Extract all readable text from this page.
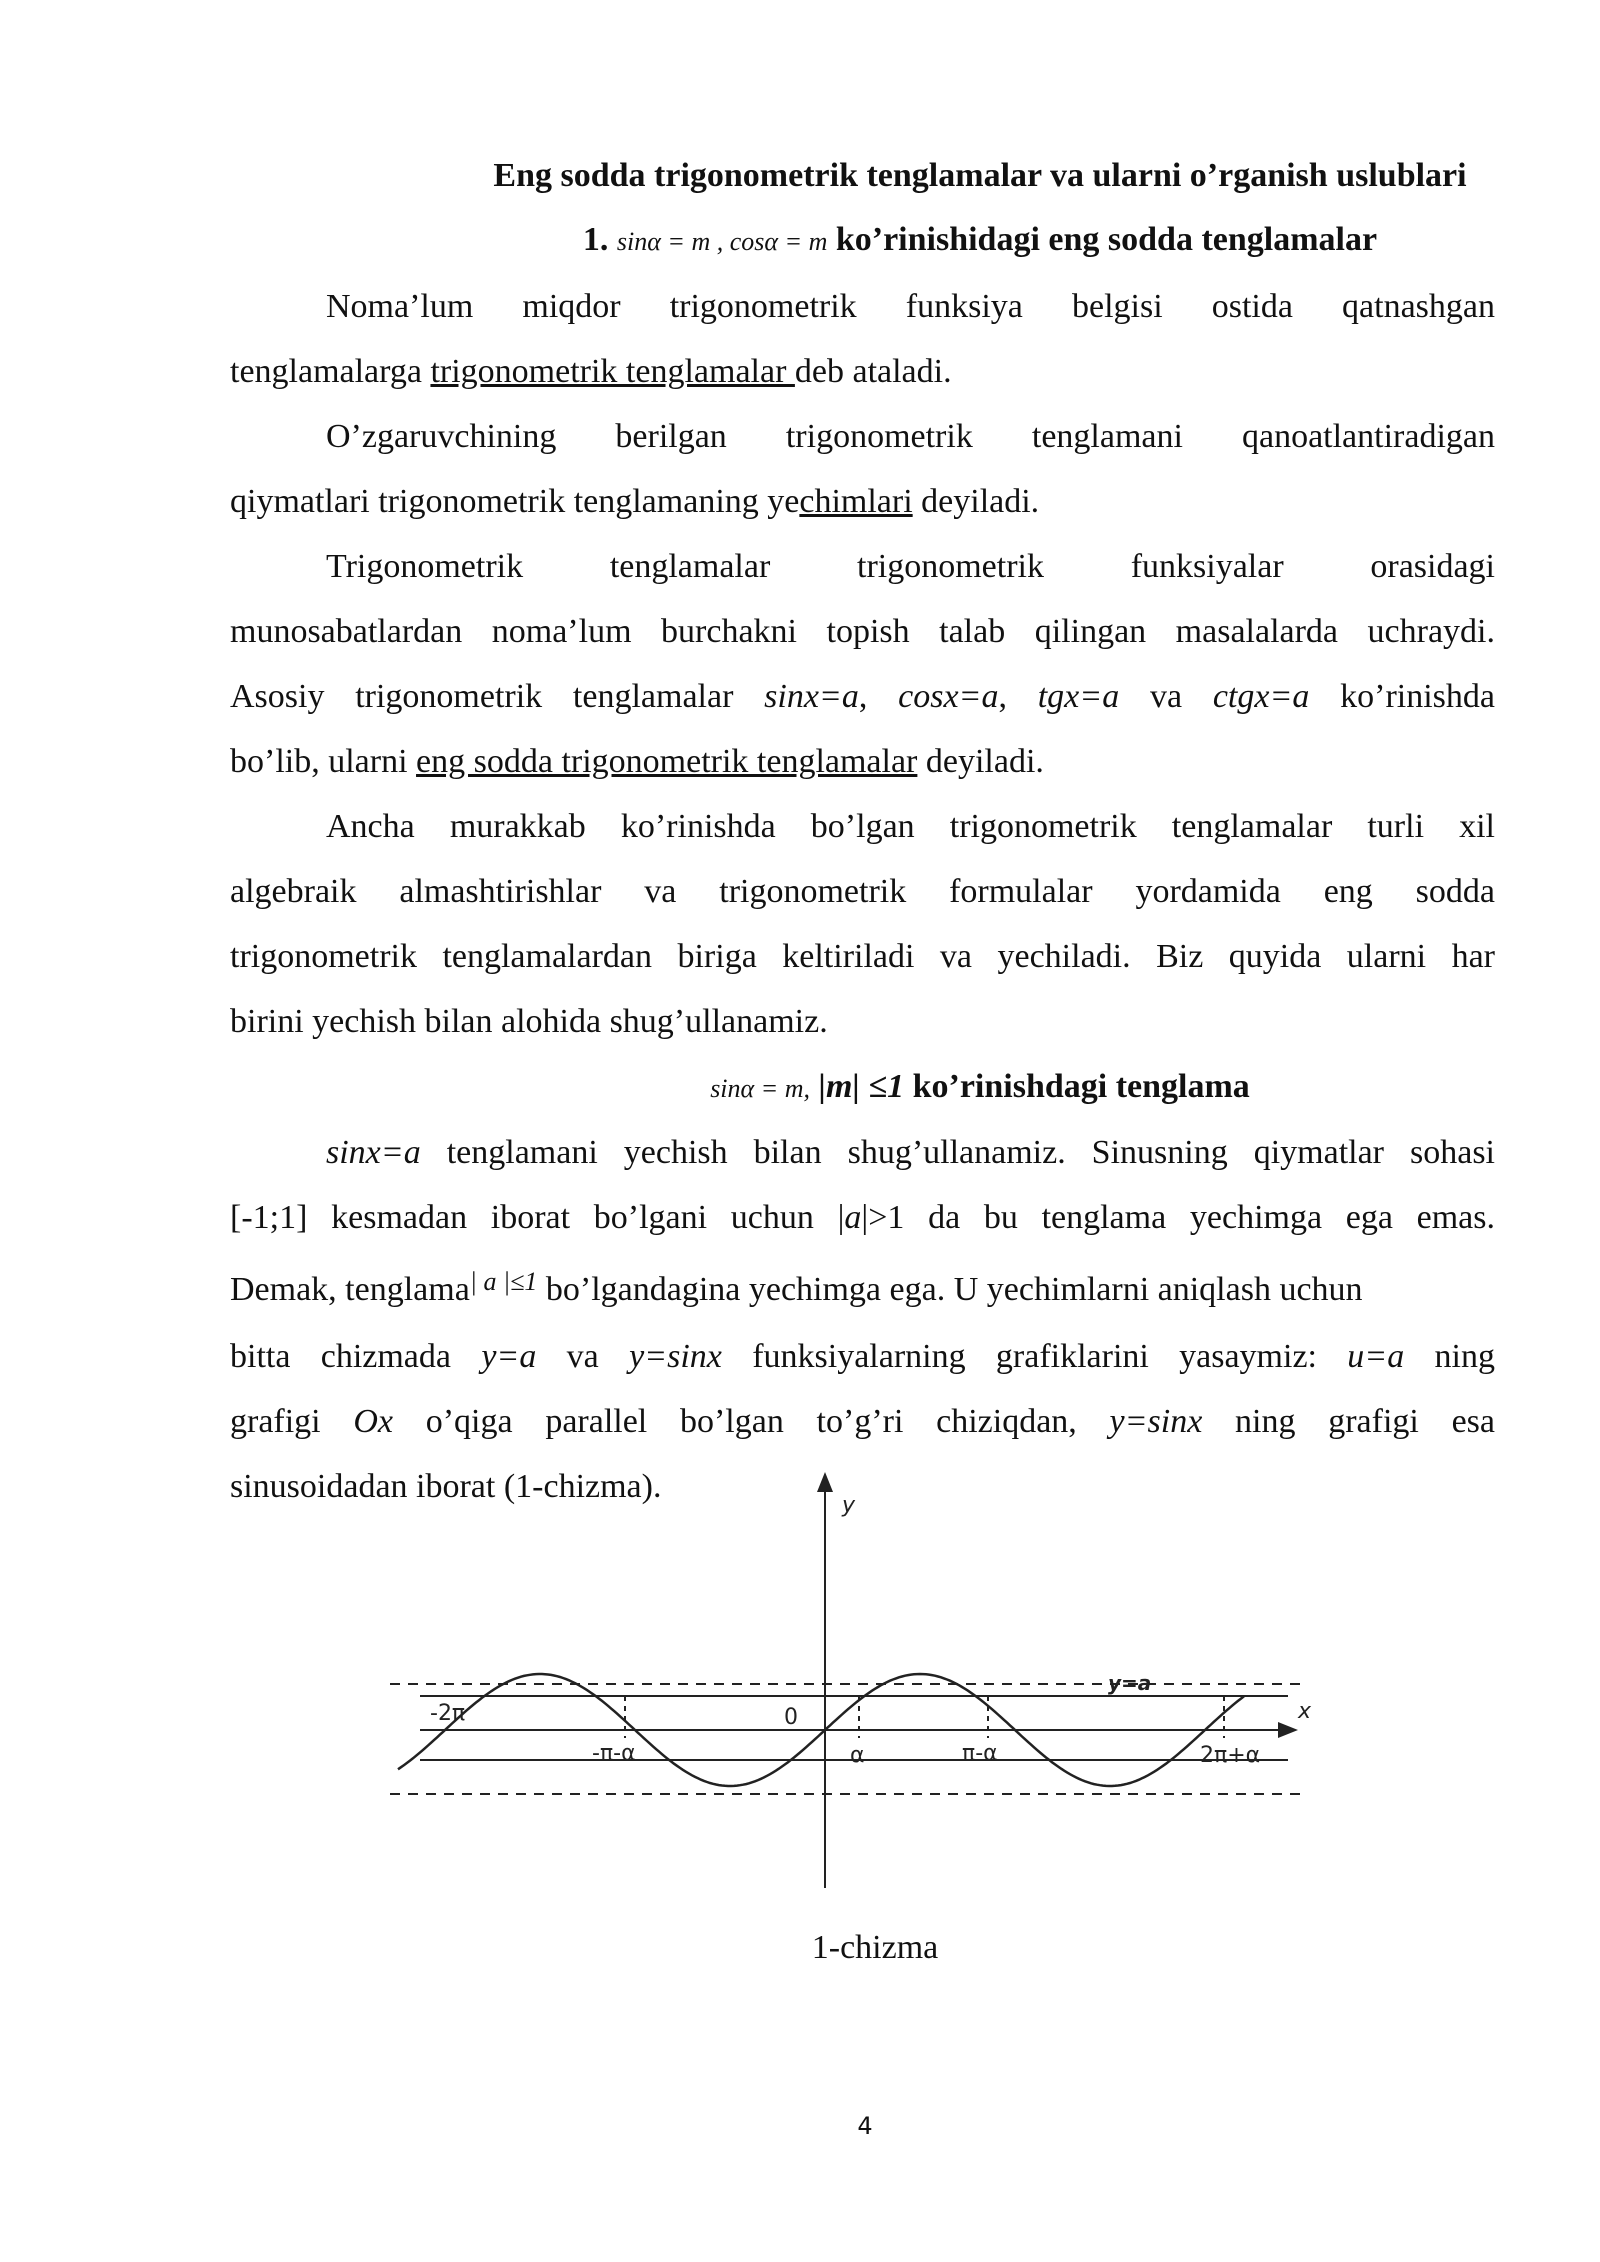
Eng sodda trigonometrik tenglamalar va ularni o’rganish uslublari
1. sinα = m , cosα = m ko’rinishidagi eng sodda tenglamalar
Noma’lum miqdor trigonometrik funksiya belgisi ostida qatnashgan
tenglamalarga trigonometrik tenglamalar deb ataladi.
O’zgaruvchining berilgan trigonometrik tenglamani qanoatlantiradigan
qiymatlari trigonometrik tenglamaning yechimlari deyiladi.
Trigonometrik tenglamalar trigonometrik funksiyalar orasidagi
munosabatlardan noma’lum burchakni topish talab qilingan masalalarda uchraydi.
Asosiy trigonometrik tenglamalar sinx=a, cosx=a, tgx=a va ctgx=a ko’rinishda
bo’lib, ularni eng sodda trigonometrik tenglamalar deyiladi.
Ancha murakkab ko’rinishda bo’lgan trigonometrik tenglamalar turli xil
algebraik almashtirishlar va trigonometrik formulalar yordamida eng sodda
trigonometrik tenglamalardan biriga keltiriladi va yechiladi. Biz quyida ularni har
birini yechish bilan alohida shug’ullanamiz.
sinα = m, |m| ≤1 ko’rinishdagi tenglama
sinx=a tenglamani yechish bilan shug’ullanamiz. Sinusning qiymatlar sohasi
[-1;1] kesmadan iborat bo’lgani uchun |a|>1 da bu tenglama yechimga ega emas.
Demak, tenglama$^{| a |\le 1}$ bo’lgandagina yechimga ega. U yechimlarni aniqlash uchun
bitta chizmada y=a va y=sinx funksiyalarning grafiklarini yasaymiz: u=a ning
grafigi Ox o’qiga parallel bo’lgan to’g’ri chiziqdan, y=sinx ning grafigi esa
sinusoidadan iborat (1-chizma).
y
x
y=a
0
-2π
-π-α	α	π-α	2π+α
1-chizma
4
